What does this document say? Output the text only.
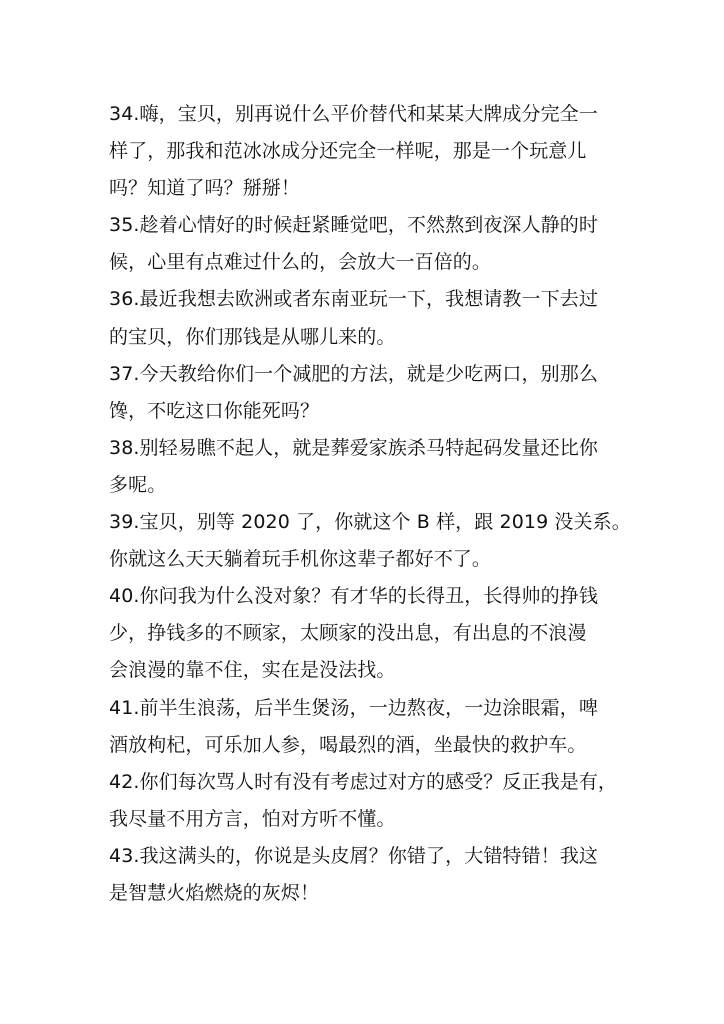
34.嗨，宝贝，别再说什么平价替代和某某大牌成分完全一
样了，那我和范冰冰成分还完全一样呢，那是一个玩意儿
吗？知道了吗？掰掰！
35.趁着心情好的时候赶紧睡觉吧，不然熬到夜深人静的时
候，心里有点难过什么的，会放大一百倍的。
36.最近我想去欧洲或者东南亚玩一下，我想请教一下去过
的宝贝，你们那钱是从哪儿来的。
37.今天教给你们一个减肥的方法，就是少吃两口，别那么
馋，不吃这口你能死吗？
38.别轻易瞧不起人，就是葬爱家族杀马特起码发量还比你
多呢。
39.宝贝，别等 2020 了，你就这个 B 样，跟 2019 没关系。
你就这么天天躺着玩手机你这辈子都好不了。
40.你问我为什么没对象？有才华的长得丑，长得帅的挣钱
少，挣钱多的不顾家，太顾家的没出息，有出息的不浪漫
会浪漫的靠不住，实在是没法找。
41.前半生浪荡，后半生煲汤，一边熬夜，一边涂眼霜，啤
酒放枸杞，可乐加人参，喝最烈的酒，坐最快的救护车。
42.你们每次骂人时有没有考虑过对方的感受？反正我是有，
我尽量不用方言，怕对方听不懂。
43.我这满头的，你说是头皮屑？你错了，大错特错！我这
是智慧火焰燃烧的灰烬！
